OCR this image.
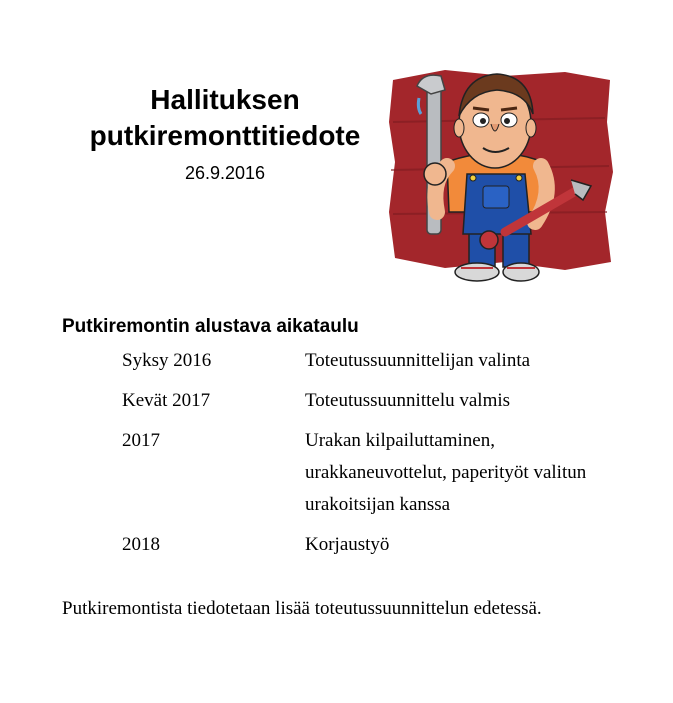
Hallituksen putkiremonttitiedote
26.9.2016
Putkiremontin alustava aikataulu
Syksy 2016	Toteutussuunnittelijan valinta
Kevät 2017	Toteutussuunnittelu valmis
2017	Urakan kilpailuttaminen, urakkaneuvottelut, paperityöt valitun urakoitsijan kanssa
2018	Korjaustyö

Putkiremontista tiedotetaan lisää toteutussuunnittelun edetessä.
